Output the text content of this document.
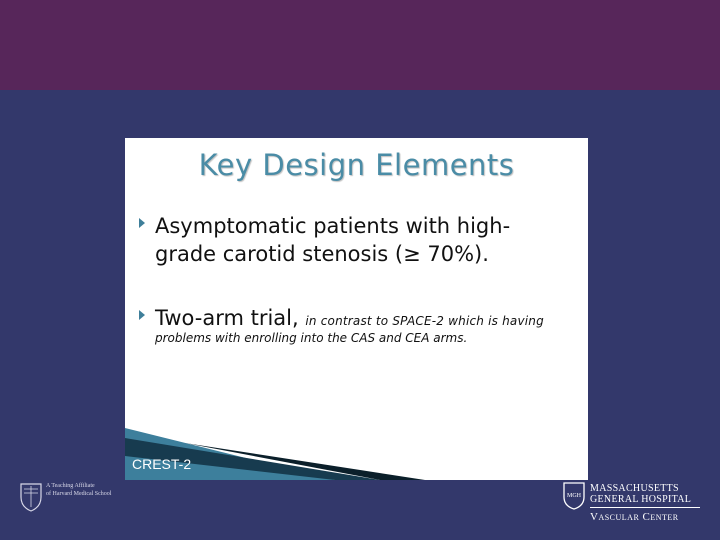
Key Design Elements
Asymptomatic patients with high-
grade carotid stenosis (≥ 70%).
Two-arm trial, in contrast to SPACE-2 which is having
problems with enrolling into the CAS and CEA arms.
CREST-2
A Teaching Affiliate
of Harvard Medical School	MGH
MASSACHUSETTS
GENERAL HOSPITAL
Vascular Center
